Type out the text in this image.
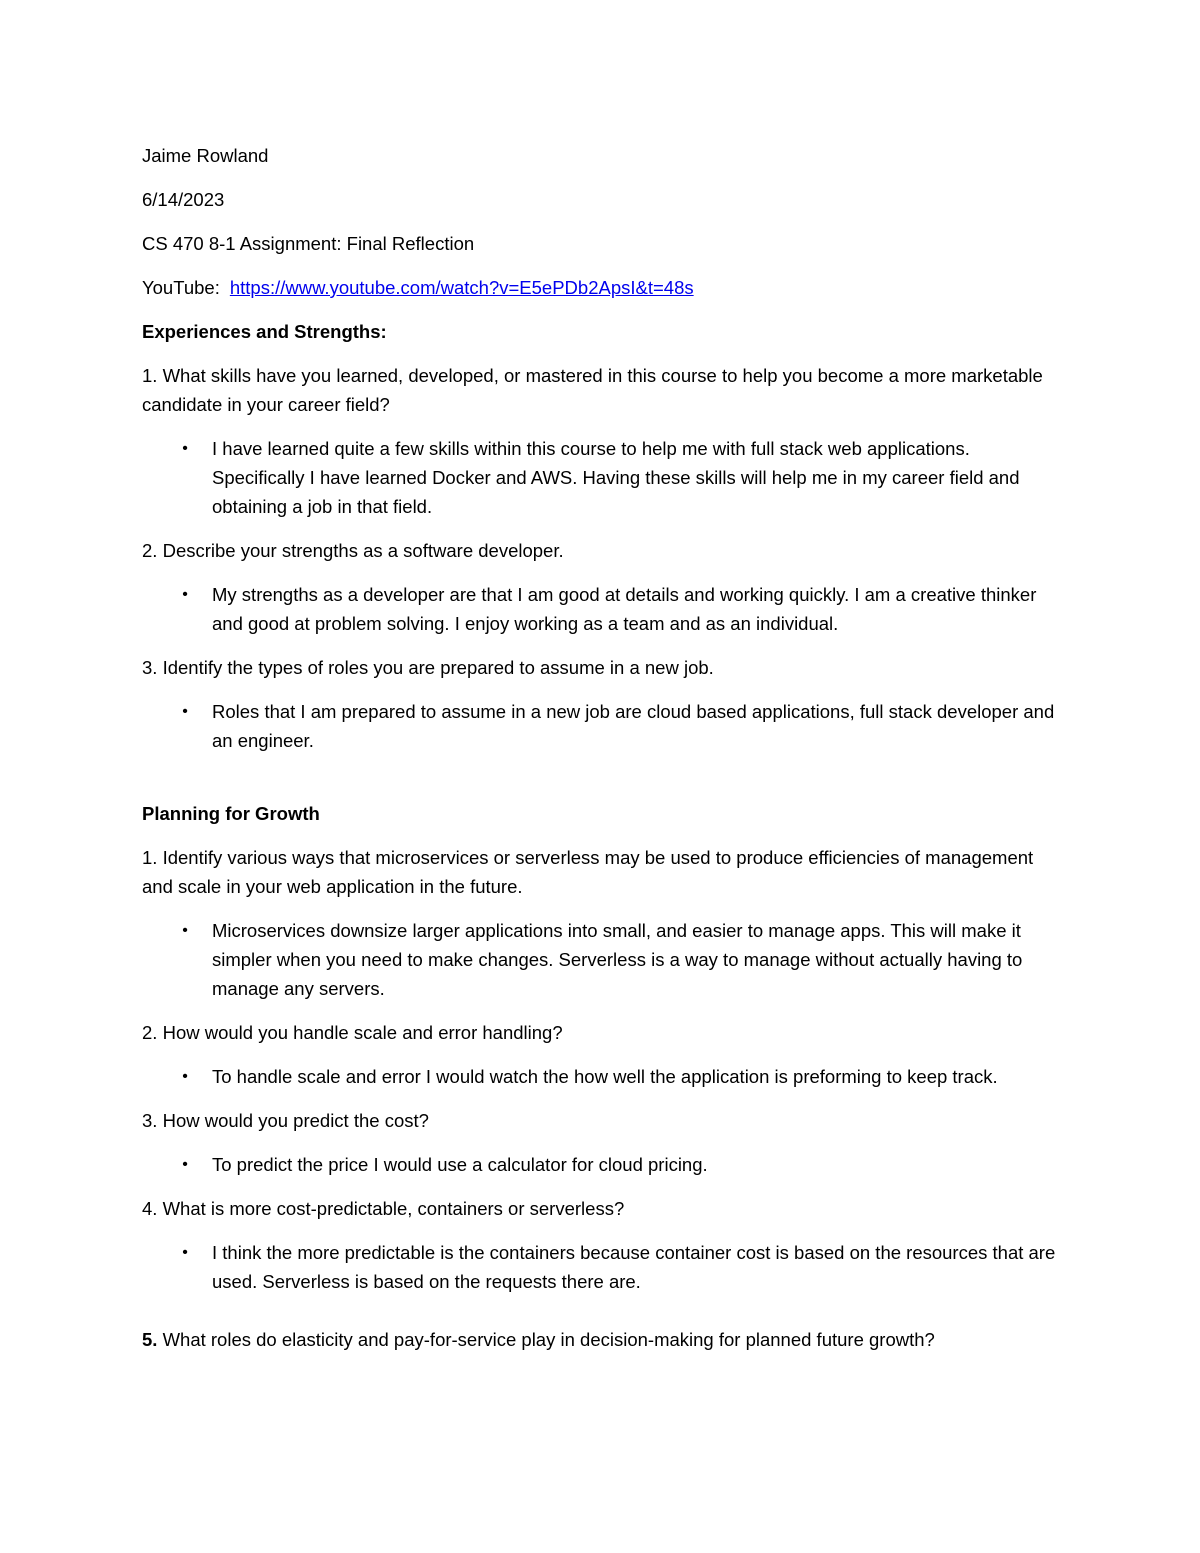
Jaime Rowland

6/14/2023

CS 470 8-1 Assignment: Final Reflection

YouTube: https://www.youtube.com/watch?v=E5ePDb2ApsI&t=48s

Experiences and Strengths:

1. What skills have you learned, developed, or mastered in this course to help you become a more marketable candidate in your career field?

•	I have learned quite a few skills within this course to help me with full stack web applications. Specifically I have learned Docker and AWS. Having these skills will help me in my career field and obtaining a job in that field.

2. Describe your strengths as a software developer.

•	My strengths as a developer are that I am good at details and working quickly. I am a creative thinker and good at problem solving. I enjoy working as a team and as an individual.

3. Identify the types of roles you are prepared to assume in a new job.

•	Roles that I am prepared to assume in a new job are cloud based applications, full stack developer and an engineer.

Planning for Growth

1. Identify various ways that microservices or serverless may be used to produce efficiencies of management and scale in your web application in the future.

•	Microservices downsize larger applications into small, and easier to manage apps. This will make it simpler when you need to make changes. Serverless is a way to manage without actually having to manage any servers.

2. How would you handle scale and error handling?

•	To handle scale and error I would watch the how well the application is preforming to keep track.

3. How would you predict the cost?

•	To predict the price I would use a calculator for cloud pricing.

4. What is more cost-predictable, containers or serverless?

•	I think the more predictable is the containers because container cost is based on the resources that are used. Serverless is based on the requests there are.

5. What roles do elasticity and pay-for-service play in decision-making for planned future growth?
